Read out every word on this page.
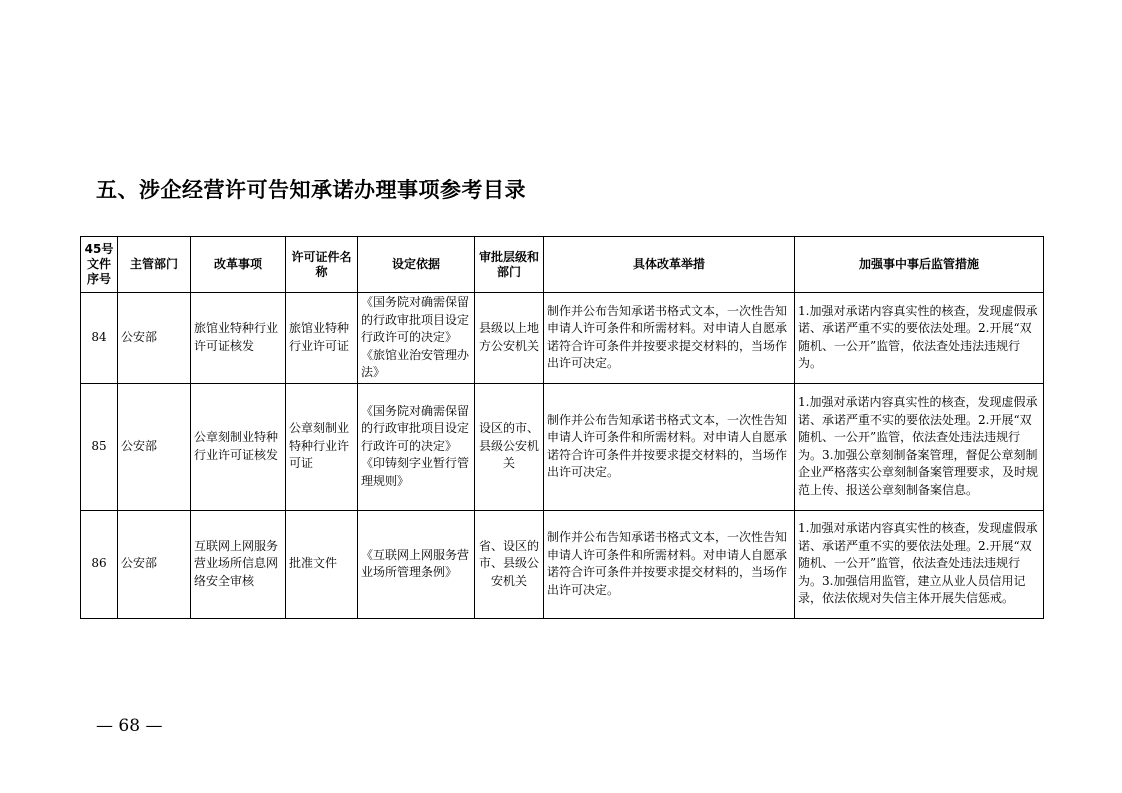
五、涉企经营许可告知承诺办理事项参考目录
45号文件序号	主管部门	改革事项	许可证件名称	设定依据	审批层级和部门	具体改革举措	加强事中事后监管措施
84	公安部	旅馆业特种行业许可证核发	旅馆业特种行业许可证	《国务院对确需保留的行政审批项目设定行政许可的决定》《旅馆业治安管理办法》	县级以上地方公安机关	制作并公布告知承诺书格式文本，一次性告知申请人许可条件和所需材料。对申请人自愿承诺符合许可条件并按要求提交材料的，当场作出许可决定。	1.加强对承诺内容真实性的核查，发现虚假承诺、承诺严重不实的要依法处理。2.开展“双随机、一公开”监管，依法查处违法违规行为。
85	公安部	公章刻制业特种行业许可证核发	公章刻制业特种行业许可证	《国务院对确需保留的行政审批项目设定行政许可的决定》《印铸刻字业暂行管理规则》	设区的市、县级公安机关	制作并公布告知承诺书格式文本，一次性告知申请人许可条件和所需材料。对申请人自愿承诺符合许可条件并按要求提交材料的，当场作出许可决定。	1.加强对承诺内容真实性的核查，发现虚假承诺、承诺严重不实的要依法处理。2.开展“双随机、一公开”监管，依法查处违法违规行为。3.加强公章刻制备案管理，督促公章刻制企业严格落实公章刻制备案管理要求，及时规范上传、报送公章刻制备案信息。
86	公安部	互联网上网服务营业场所信息网络安全审核	批准文件	《互联网上网服务营业场所管理条例》	省、设区的市、县级公安机关	制作并公布告知承诺书格式文本，一次性告知申请人许可条件和所需材料。对申请人自愿承诺符合许可条件并按要求提交材料的，当场作出许可决定。	1.加强对承诺内容真实性的核查，发现虚假承诺、承诺严重不实的要依法处理。2.开展“双随机、一公开”监管，依法查处违法违规行为。3.加强信用监管，建立从业人员信用记录，依法依规对失信主体开展失信惩戒。
— 68 —
